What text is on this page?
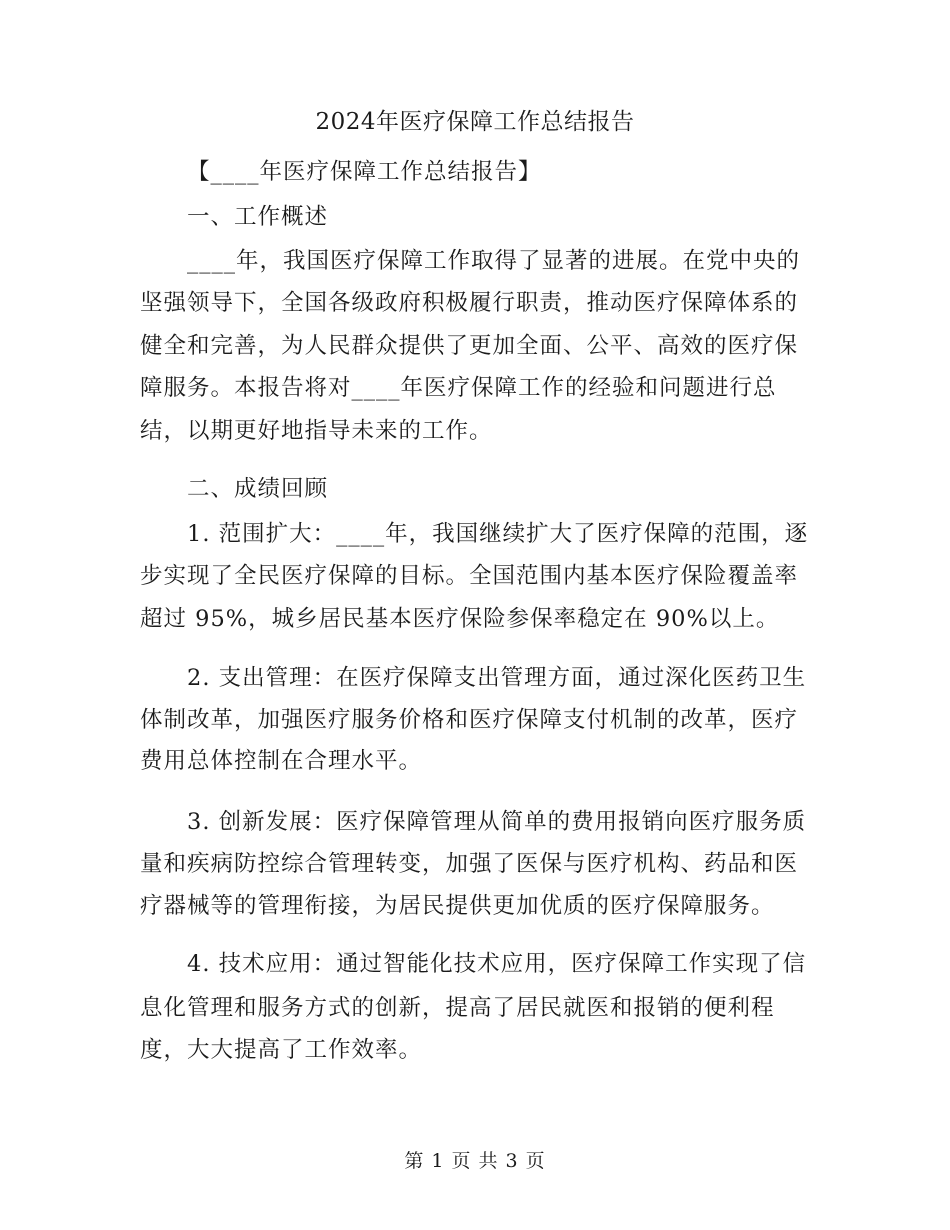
2024年医疗保障工作总结报告
【____年医疗保障工作总结报告】
一、工作概述
____年，我国医疗保障工作取得了显著的进展。在党中央的
坚强领导下，全国各级政府积极履行职责，推动医疗保障体系的
健全和完善，为人民群众提供了更加全面、公平、高效的医疗保
障服务。本报告将对____年医疗保障工作的经验和问题进行总
结，以期更好地指导未来的工作。
二、成绩回顾
1. 范围扩大：____年，我国继续扩大了医疗保障的范围，逐
步实现了全民医疗保障的目标。全国范围内基本医疗保险覆盖率
超过 95%，城乡居民基本医疗保险参保率稳定在 90%以上。
2. 支出管理：在医疗保障支出管理方面，通过深化医药卫生
体制改革，加强医疗服务价格和医疗保障支付机制的改革，医疗
费用总体控制在合理水平。
3. 创新发展：医疗保障管理从简单的费用报销向医疗服务质
量和疾病防控综合管理转变，加强了医保与医疗机构、药品和医
疗器械等的管理衔接，为居民提供更加优质的医疗保障服务。
4. 技术应用：通过智能化技术应用，医疗保障工作实现了信
息化管理和服务方式的创新，提高了居民就医和报销的便利程
度，大大提高了工作效率。
第 1 页 共 3 页
